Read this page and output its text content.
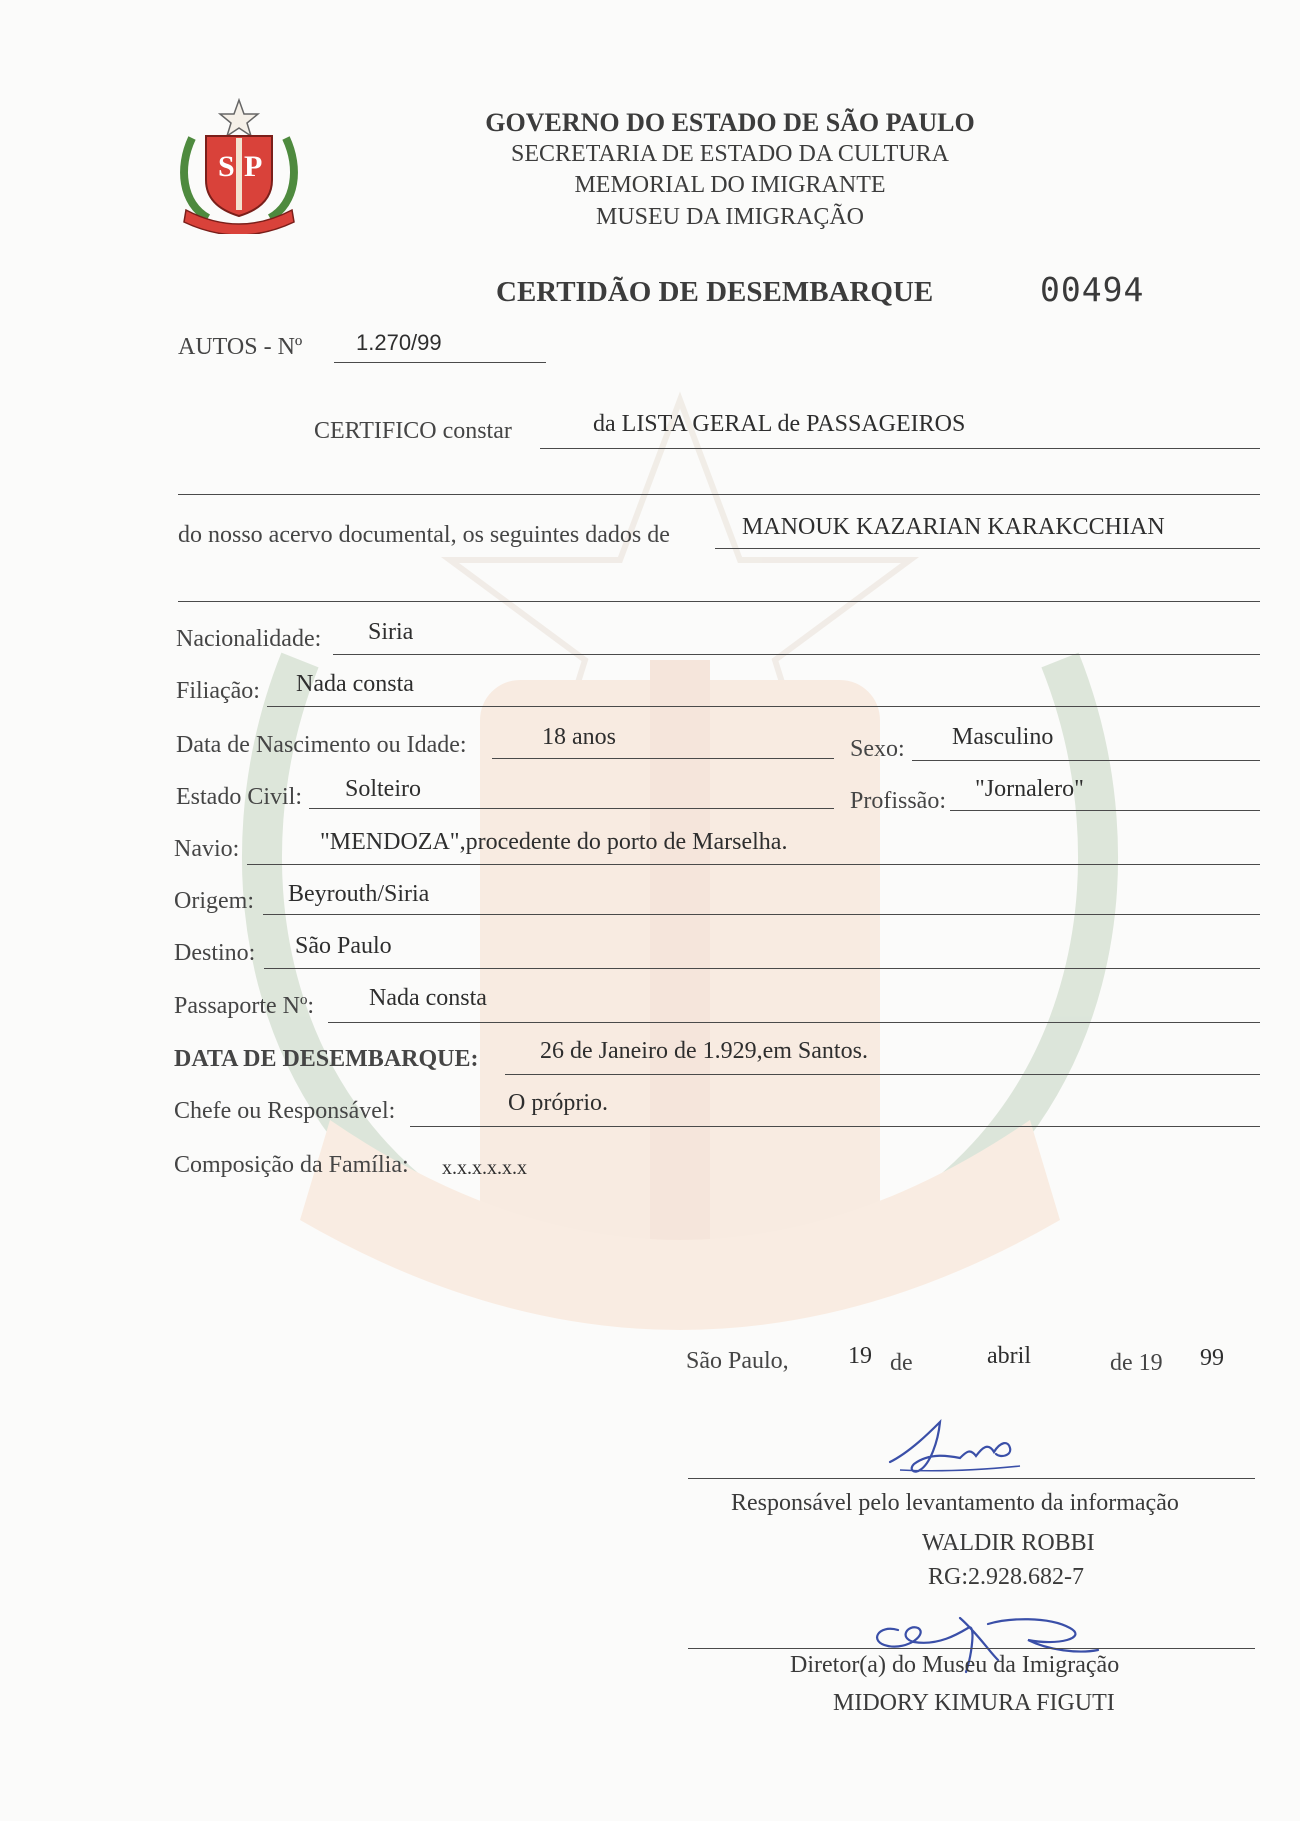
S P
GOVERNO DO ESTADO DE SÃO PAULO
SECRETARIA DE ESTADO DA CULTURA
MEMORIAL DO IMIGRANTE
MUSEU DA IMIGRAÇÃO
CERTIDÃO DE DESEMBARQUE	00494
AUTOS - Nº 1.270/99
CERTIFICO constar	da LISTA GERAL de PASSAGEIROS
do nosso acervo documental, os seguintes dados de	MANOUK KAZARIAN KARAKCCHIAN
Nacionalidade: Siria
Filiação: Nada consta
Data de Nascimento ou Idade:	18 anos	Sexo: Masculino
Estado Civil: Solteiro	Profissão: "Jornalero"
Navio:	"MENDOZA",procedente do porto de Marselha.
Origem: Beyrouth/Siria
Destino: São Paulo
Passaporte Nº: Nada consta
DATA DE DESEMBARQUE:	26 de Janeiro de 1.929,em Santos.
Chefe ou Responsável:	O próprio.
Composição da Família: x.x.x.x.x.x
São Paulo, 19 de	abril	de 19 99
Responsável pelo levantamento da informação
WALDIR ROBBI
RG:2.928.682-7
Diretor(a) do Museu da Imigração
MIDORY KIMURA FIGUTI
